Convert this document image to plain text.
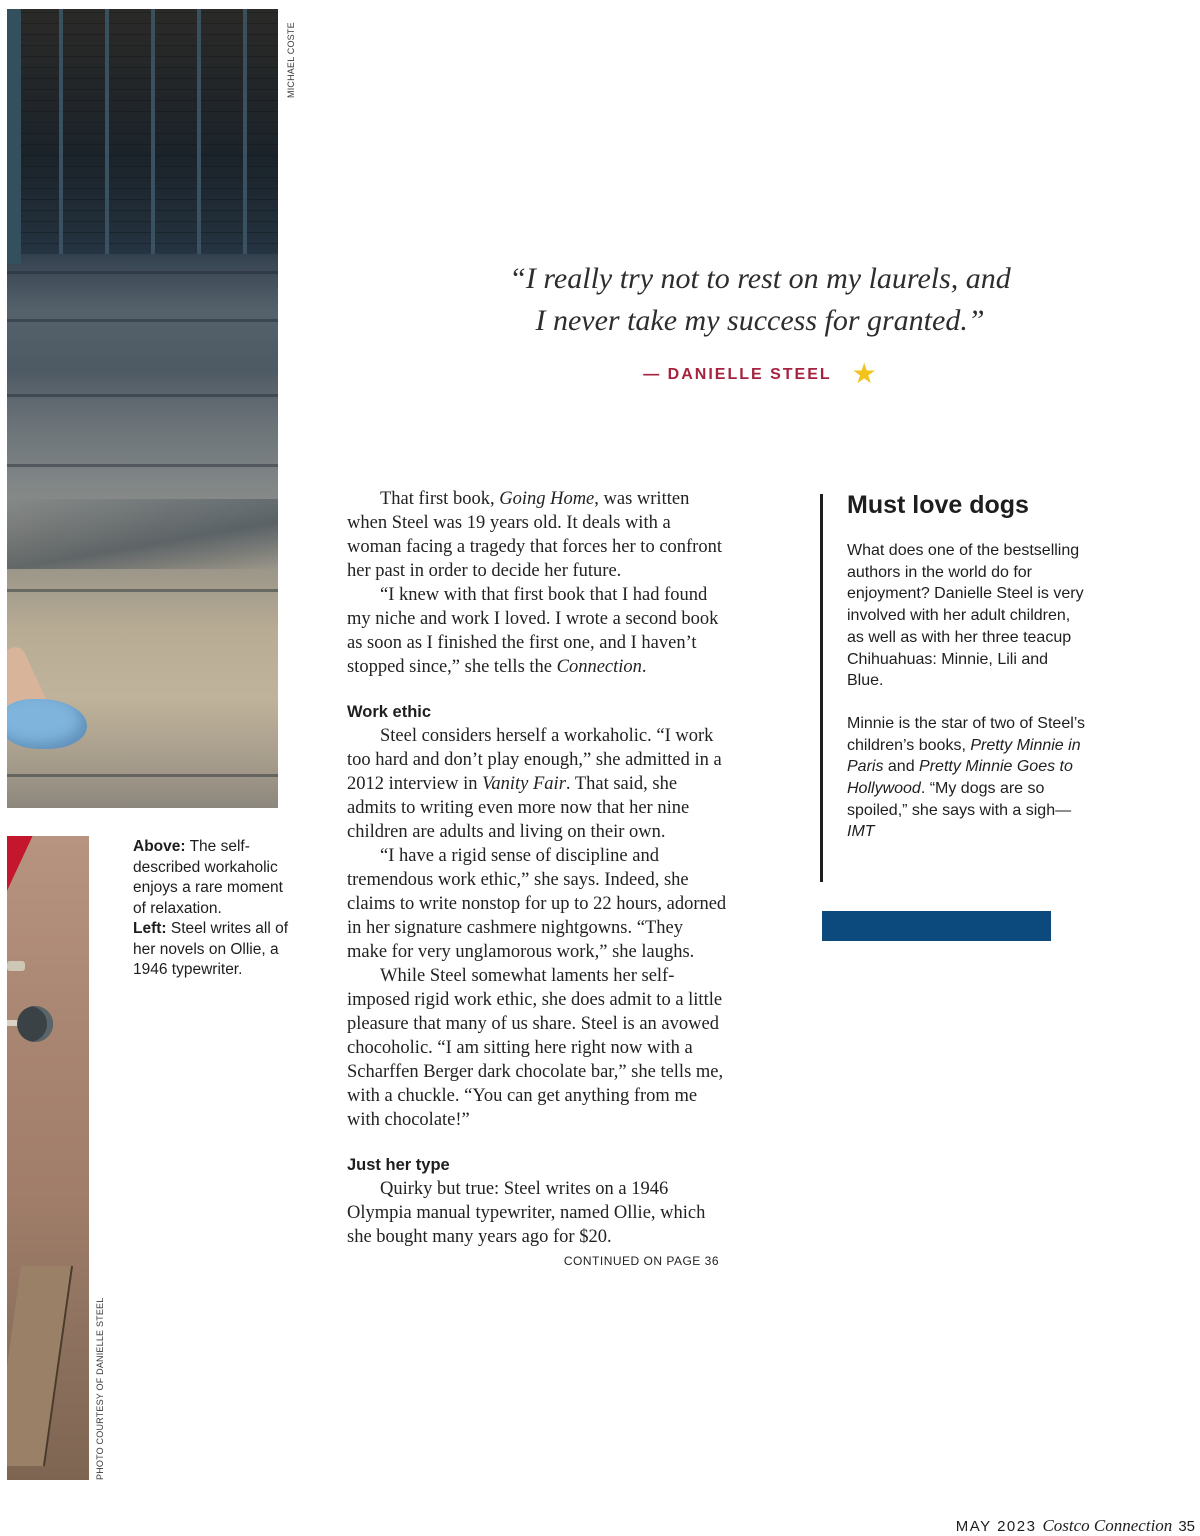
MICHAEL COSTE
PHOTO COURTESY OF DANIELLE STEEL
Above: The self-described workaholic enjoys a rare moment of relaxation.
Left: Steel writes all of her novels on Ollie, a 1946 typewriter.
“I really try not to rest on my laurels, and
I never take my success for granted.”
— DANIELLE STEEL ★

That first book, Going Home, was written when Steel was 19 years old. It deals with a woman facing a tragedy that forces her to confront her past in order to decide her future.

“I knew with that first book that I had found my niche and work I loved. I wrote a second book as soon as I finished the first one, and I haven’t stopped since,” she tells the Connection.

Work ethic

Steel considers herself a workaholic. “I work too hard and don’t play enough,” she admitted in a 2012 interview in Vanity Fair. That said, she admits to writing even more now that her nine children are adults and living on their own.

“I have a rigid sense of discipline and tremendous work ethic,” she says. Indeed, she claims to write nonstop for up to 22 hours, adorned in her signature cashmere nightgowns. “They make for very unglamorous work,” she laughs.

While Steel somewhat laments her self-imposed rigid work ethic, she does admit to a little pleasure that many of us share. Steel is an avowed chocoholic. “I am sitting here right now with a Scharffen Berger dark chocolate bar,” she tells me, with a chuckle. “You can get anything from me with chocolate!”

Just her type

Quirky but true: Steel writes on a 1946 Olympia manual typewriter, named Ollie, which she bought many years ago for $20.

CONTINUED ON PAGE 36
Must love dogs

What does one of the bestselling authors in the world do for enjoyment? Danielle Steel is very involved with her adult children, as well as with her three teacup Chihuahuas: Minnie, Lili and Blue.

Minnie is the star of two of Steel’s children’s books, Pretty Minnie in Paris and Pretty Minnie Goes to Hollywood. “My dogs are so spoiled,” she says with a sigh—IMT

MAY 2023 Costco Connection 35
